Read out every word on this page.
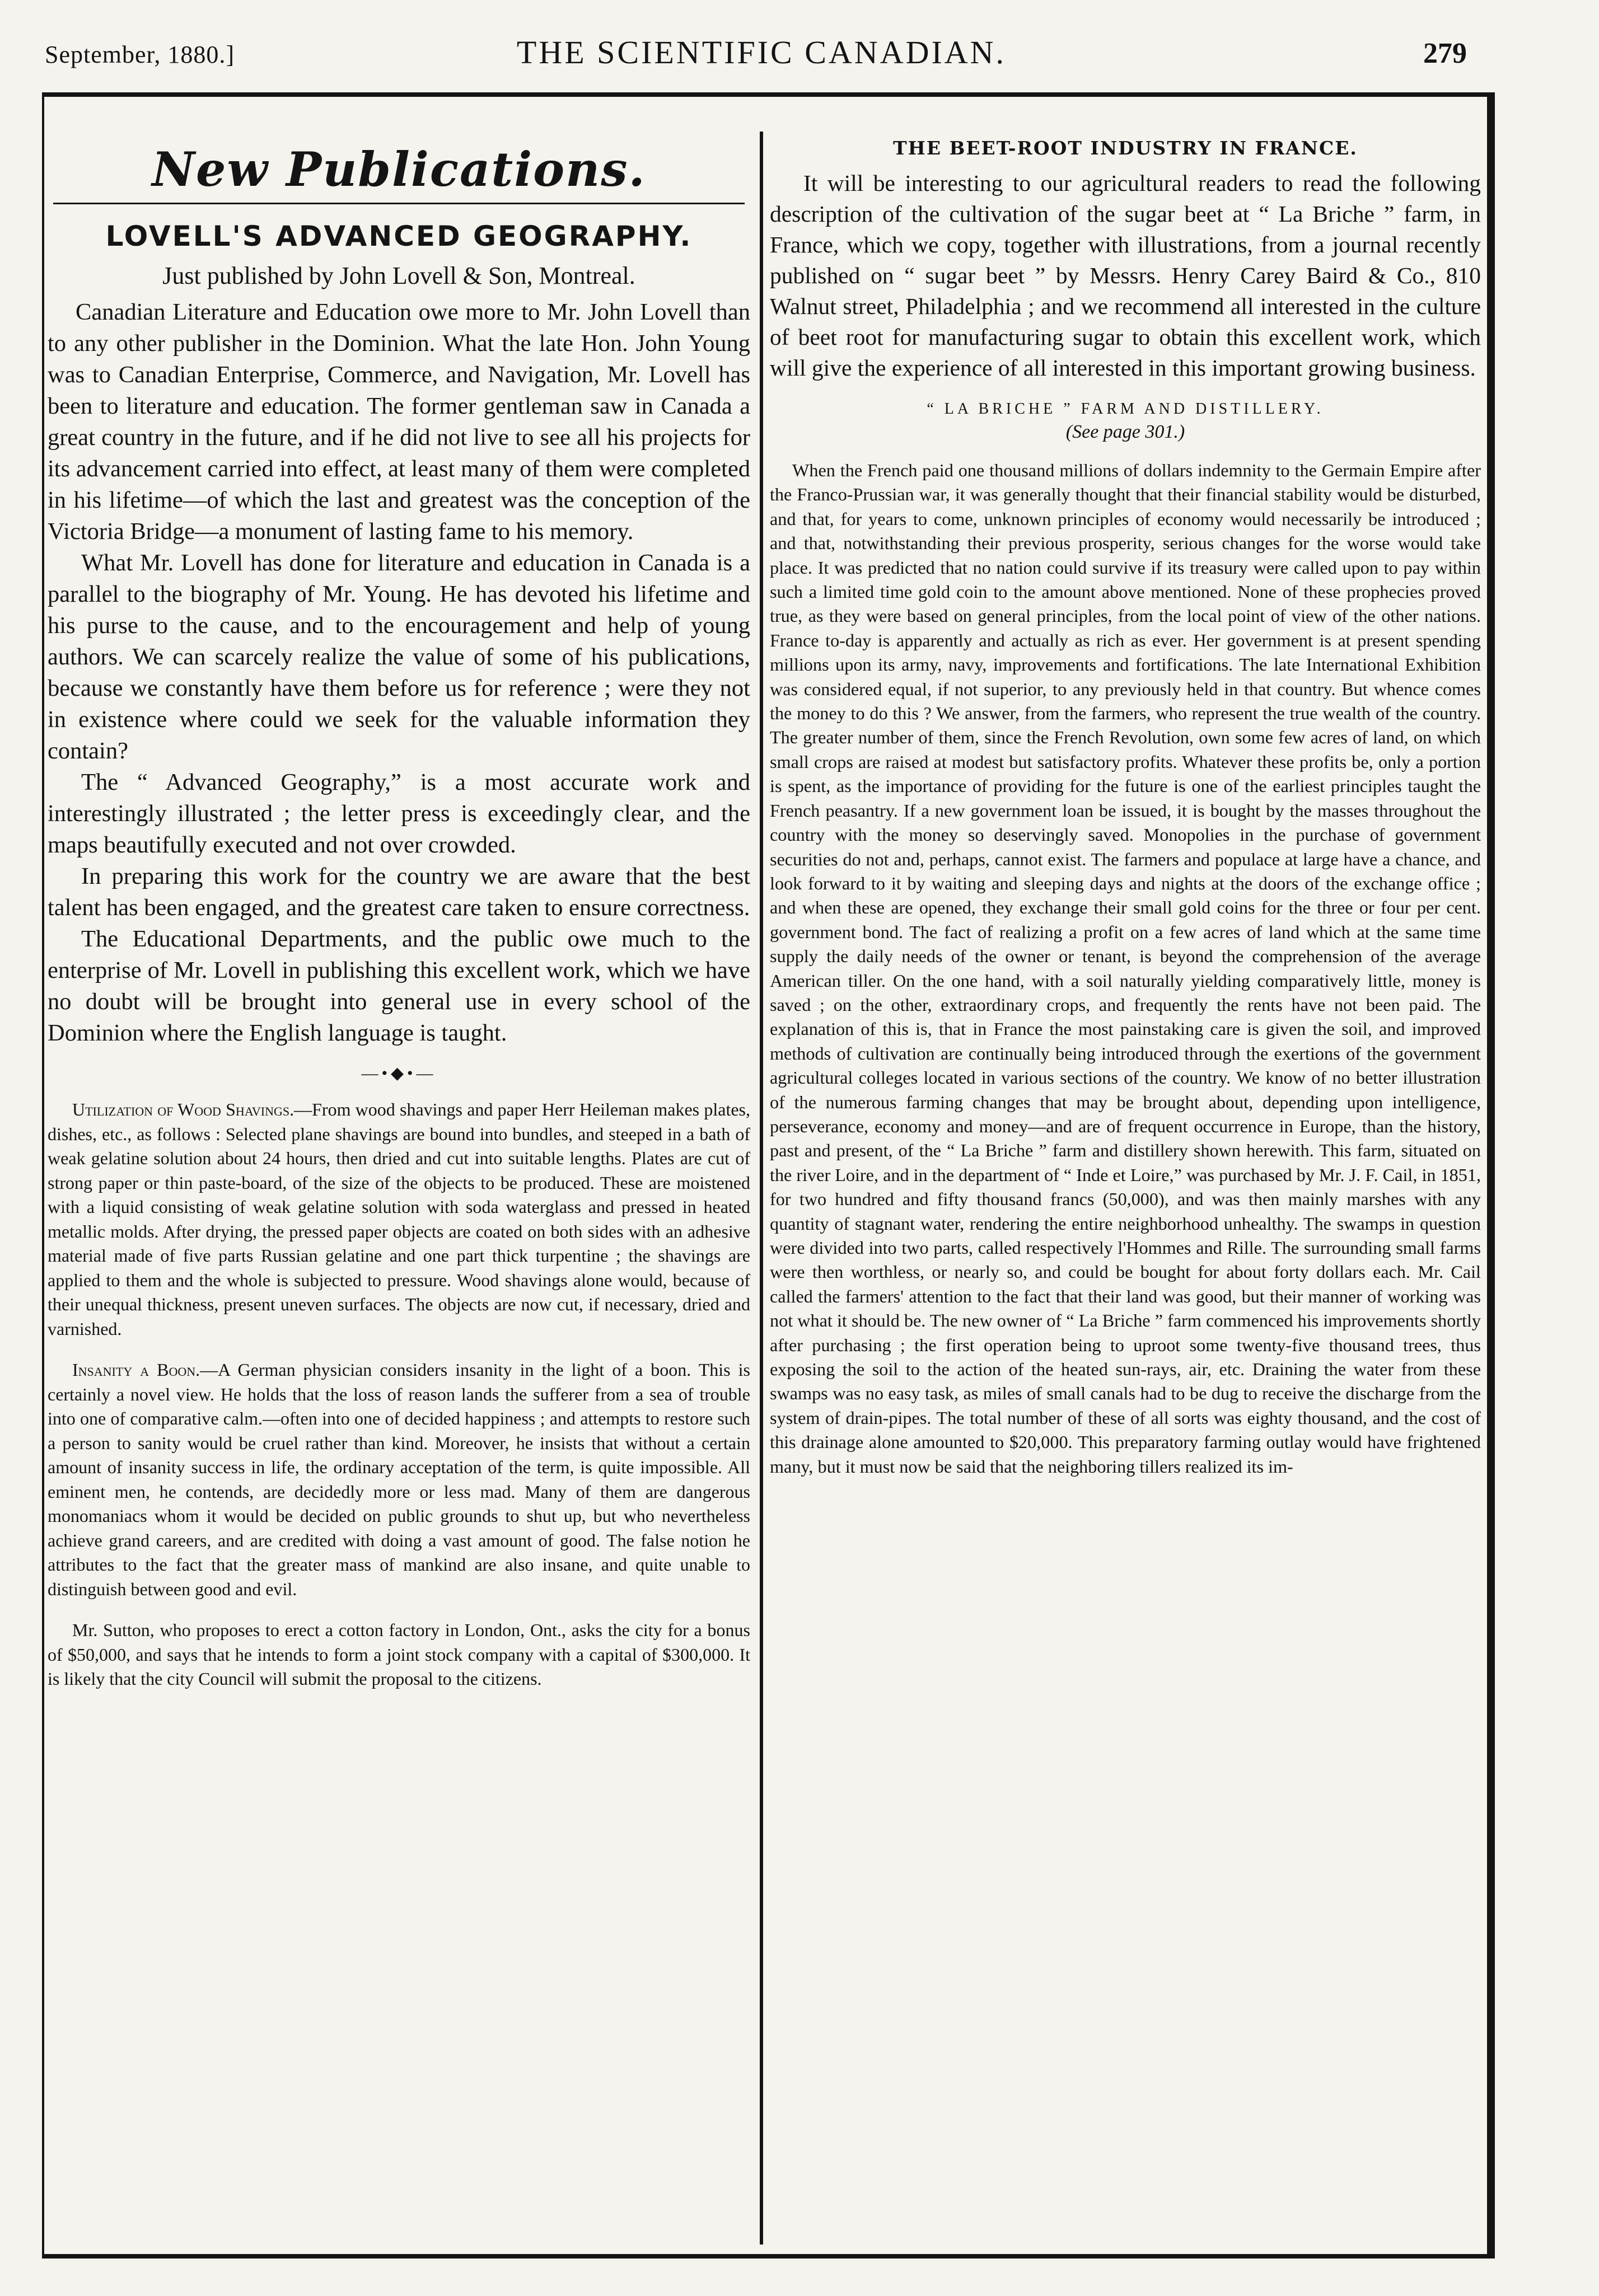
September, 1880.]	THE SCIENTIFIC CANADIAN.	279
New Publications.
LOVELL'S ADVANCED GEOGRAPHY.
Just published by John Lovell & Son, Montreal.

Canadian Literature and Education owe more to Mr. John Lovell than to any other publisher in the Dominion. What the late Hon. John Young was to Canadian Enterprise, Commerce, and Navigation, Mr. Lovell has been to literature and education. The former gentleman saw in Canada a great country in the future, and if he did not live to see all his projects for its advancement carried into effect, at least many of them were completed in his lifetime—of which the last and greatest was the conception of the Victoria Bridge—a monument of lasting fame to his memory.

What Mr. Lovell has done for literature and education in Canada is a parallel to the biography of Mr. Young. He has devoted his lifetime and his purse to the cause, and to the encouragement and help of young authors. We can scarcely realize the value of some of his publications, because we constantly have them before us for reference ; were they not in existence where could we seek for the valuable information they contain?

The “ Advanced Geography,” is a most accurate work and interestingly illustrated ; the letter press is exceedingly clear, and the maps beautifully executed and not over crowded.

In preparing this work for the country we are aware that the best talent has been engaged, and the greatest care taken to ensure correctness.

The Educational Departments, and the public owe much to the enterprise of Mr. Lovell in publishing this excellent work, which we have no doubt will be brought into general use in every school of the Dominion where the English language is taught.

—•◆•—

Utilization of Wood Shavings.—From wood shavings and paper Herr Heileman makes plates, dishes, etc., as follows : Selected plane shavings are bound into bundles, and steeped in a bath of weak gelatine solution about 24 hours, then dried and cut into suitable lengths. Plates are cut of strong paper or thin paste-board, of the size of the objects to be produced. These are moistened with a liquid consisting of weak gelatine solution with soda waterglass and pressed in heated metallic molds. After drying, the pressed paper objects are coated on both sides with an adhesive material made of five parts Russian gelatine and one part thick turpentine ; the shavings are applied to them and the whole is subjected to pressure. Wood shavings alone would, because of their unequal thickness, present uneven surfaces. The objects are now cut, if necessary, dried and varnished.

Insanity a Boon.—A German physician considers insanity in the light of a boon. This is certainly a novel view. He holds that the loss of reason lands the sufferer from a sea of trouble into one of comparative calm.—often into one of decided happiness ; and attempts to restore such a person to sanity would be cruel rather than kind. Moreover, he insists that without a certain amount of insanity success in life, the ordinary acceptation of the term, is quite impossible. All eminent men, he contends, are decidedly more or less mad. Many of them are dangerous monomaniacs whom it would be decided on public grounds to shut up, but who nevertheless achieve grand careers, and are credited with doing a vast amount of good. The false notion he attributes to the fact that the greater mass of mankind are also insane, and quite unable to distinguish between good and evil.

Mr. Sutton, who proposes to erect a cotton factory in London, Ont., asks the city for a bonus of $50,000, and says that he intends to form a joint stock company with a capital of $300,000. It is likely that the city Council will submit the proposal to the citizens.

THE BEET-ROOT INDUSTRY IN FRANCE.

It will be interesting to our agricultural readers to read the following description of the cultivation of the sugar beet at “ La Briche ” farm, in France, which we copy, together with illustrations, from a journal recently published on “ sugar beet ” by Messrs. Henry Carey Baird & Co., 810 Walnut street, Philadelphia ; and we recommend all interested in the culture of beet root for manufacturing sugar to obtain this excellent work, which will give the experience of all interested in this important growing business.

“ LA BRICHE ” FARM AND DISTILLERY.
(See page 301.)

When the French paid one thousand millions of dollars indemnity to the Germain Empire after the Franco-Prussian war, it was generally thought that their financial stability would be disturbed, and that, for years to come, unknown principles of economy would necessarily be introduced ; and that, notwithstanding their previous prosperity, serious changes for the worse would take place. It was predicted that no nation could survive if its treasury were called upon to pay within such a limited time gold coin to the amount above mentioned. None of these prophecies proved true, as they were based on general principles, from the local point of view of the other nations. France to-day is apparently and actually as rich as ever. Her government is at present spending millions upon its army, navy, improvements and fortifications. The late International Exhibition was considered equal, if not superior, to any previously held in that country. But whence comes the money to do this ? We answer, from the farmers, who represent the true wealth of the country. The greater number of them, since the French Revolution, own some few acres of land, on which small crops are raised at modest but satisfactory profits. Whatever these profits be, only a portion is spent, as the importance of providing for the future is one of the earliest principles taught the French peasantry. If a new government loan be issued, it is bought by the masses throughout the country with the money so deservingly saved. Monopolies in the purchase of government securities do not and, perhaps, cannot exist. The farmers and populace at large have a chance, and look forward to it by waiting and sleeping days and nights at the doors of the exchange office ; and when these are opened, they exchange their small gold coins for the three or four per cent. government bond. The fact of realizing a profit on a few acres of land which at the same time supply the daily needs of the owner or tenant, is beyond the comprehension of the average American tiller. On the one hand, with a soil naturally yielding comparatively little, money is saved ; on the other, extraordinary crops, and frequently the rents have not been paid. The explanation of this is, that in France the most painstaking care is given the soil, and improved methods of cultivation are continually being introduced through the exertions of the government agricultural colleges located in various sections of the country. We know of no better illustration of the numerous farming changes that may be brought about, depending upon intelligence, perseverance, economy and money—and are of frequent occurrence in Europe, than the history, past and present, of the “ La Briche ” farm and distillery shown herewith. This farm, situated on the river Loire, and in the department of “ Inde et Loire,” was purchased by Mr. J. F. Cail, in 1851, for two hundred and fifty thousand francs (50,000), and was then mainly marshes with any quantity of stagnant water, rendering the entire neighborhood unhealthy. The swamps in question were divided into two parts, called respectively l'Hommes and Rille. The surrounding small farms were then worthless, or nearly so, and could be bought for about forty dollars each. Mr. Cail called the farmers' attention to the fact that their land was good, but their manner of working was not what it should be. The new owner of “ La Briche ” farm commenced his improvements shortly after purchasing ; the first operation being to uproot some twenty-five thousand trees, thus exposing the soil to the action of the heated sun-rays, air, etc. Draining the water from these swamps was no easy task, as miles of small canals had to be dug to receive the discharge from the system of drain-pipes. The total number of these of all sorts was eighty thousand, and the cost of this drainage alone amounted to $20,000. This preparatory farming outlay would have frightened many, but it must now be said that the neighboring tillers realized its im-
